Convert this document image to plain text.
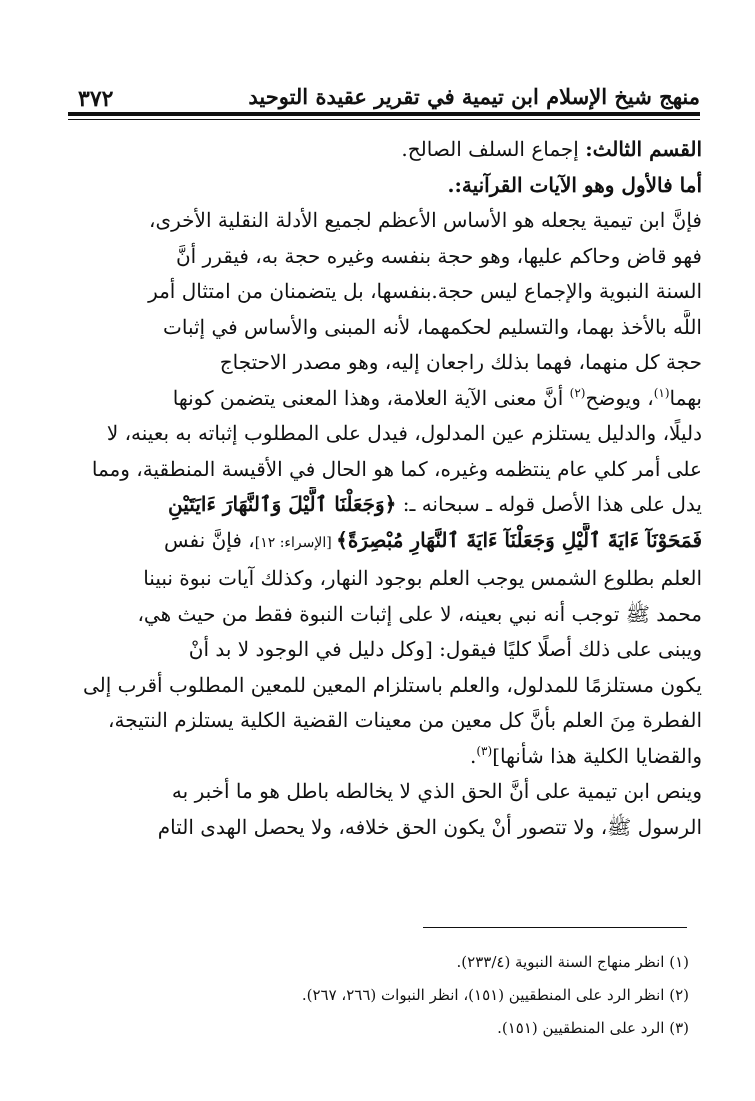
منهج شيخ الإسلام ابن تيمية في تقرير عقيدة التوحيد
٣٧٢
القسم الثالث: إجماع السلف الصالح.
أما فالأول وهو الآيات القرآنية:.
فإنَّ ابن تيمية يجعله هو الأساس الأعظم لجميع الأدلة النقلية الأخرى،
فهو قاض وحاكم عليها، وهو حجة بنفسه وغيره حجة به، فيقرر أنَّ
السنة النبوية والإجماع ليس حجة.بنفسها، بل يتضمنان من امتثال أمر
اللَّه بالأخذ بهما، والتسليم لحكمهما، لأنه المبنى والأساس في إثبات
حجة كل منهما، فهما بذلك راجعان إليه، وهو مصدر الاحتجاج
بهما$^{(١)}$، ويوضح$^{(٢)}$ أنَّ معنى الآية العلامة، وهذا المعنى يتضمن كونها
دليلًا، والدليل يستلزم عين المدلول، فيدل على المطلوب إثباته به بعينه، لا
على أمر كلي عام ينتظمه وغيره، كما هو الحال في الأقيسة المنطقية، ومما
يدل على هذا الأصل قوله ـ سبحانه ـ: ﴿وَجَعَلْنَا ٱلَّيْلَ وَٱلنَّهَارَ ءَايَتَيْنِ
فَمَحَوْنَآ ءَايَةَ ٱلَّيْلِ وَجَعَلْنَآ ءَايَةَ ٱلنَّهَارِ مُبْصِرَةً﴾ [الإسراء: ١٢]، فإنَّ نفس
العلم بطلوع الشمس يوجب العلم بوجود النهار، وكذلك آيات نبوة نبينا
محمد ﷺ توجب أنه نبي بعينه، لا على إثبات النبوة فقط من حيث هي،
ويبنى على ذلك أصلًا كليًا فيقول: [وكل دليل في الوجود لا بد أنْ
يكون مستلزمًا للمدلول، والعلم باستلزام المعين للمعين المطلوب أقرب إلى
الفطرة مِنَ العلم بأنَّ كل معين من معينات القضية الكلية يستلزم النتيجة،
والقضايا الكلية هذا شأنها]$^{(٣)}$.
وينص ابن تيمية على أنَّ الحق الذي لا يخالطه باطل هو ما أخبر به
الرسول ﷺ، ولا تتصور أنْ يكون الحق خلافه، ولا يحصل الهدى التام
(١) انظر منهاج السنة النبوية (٢٣٣/٤).
(٢) انظر الرد على المنطقيين (١٥١)، انظر النبوات (٢٦٦، ٢٦٧).
(٣) الرد على المنطقيين (١٥١).
